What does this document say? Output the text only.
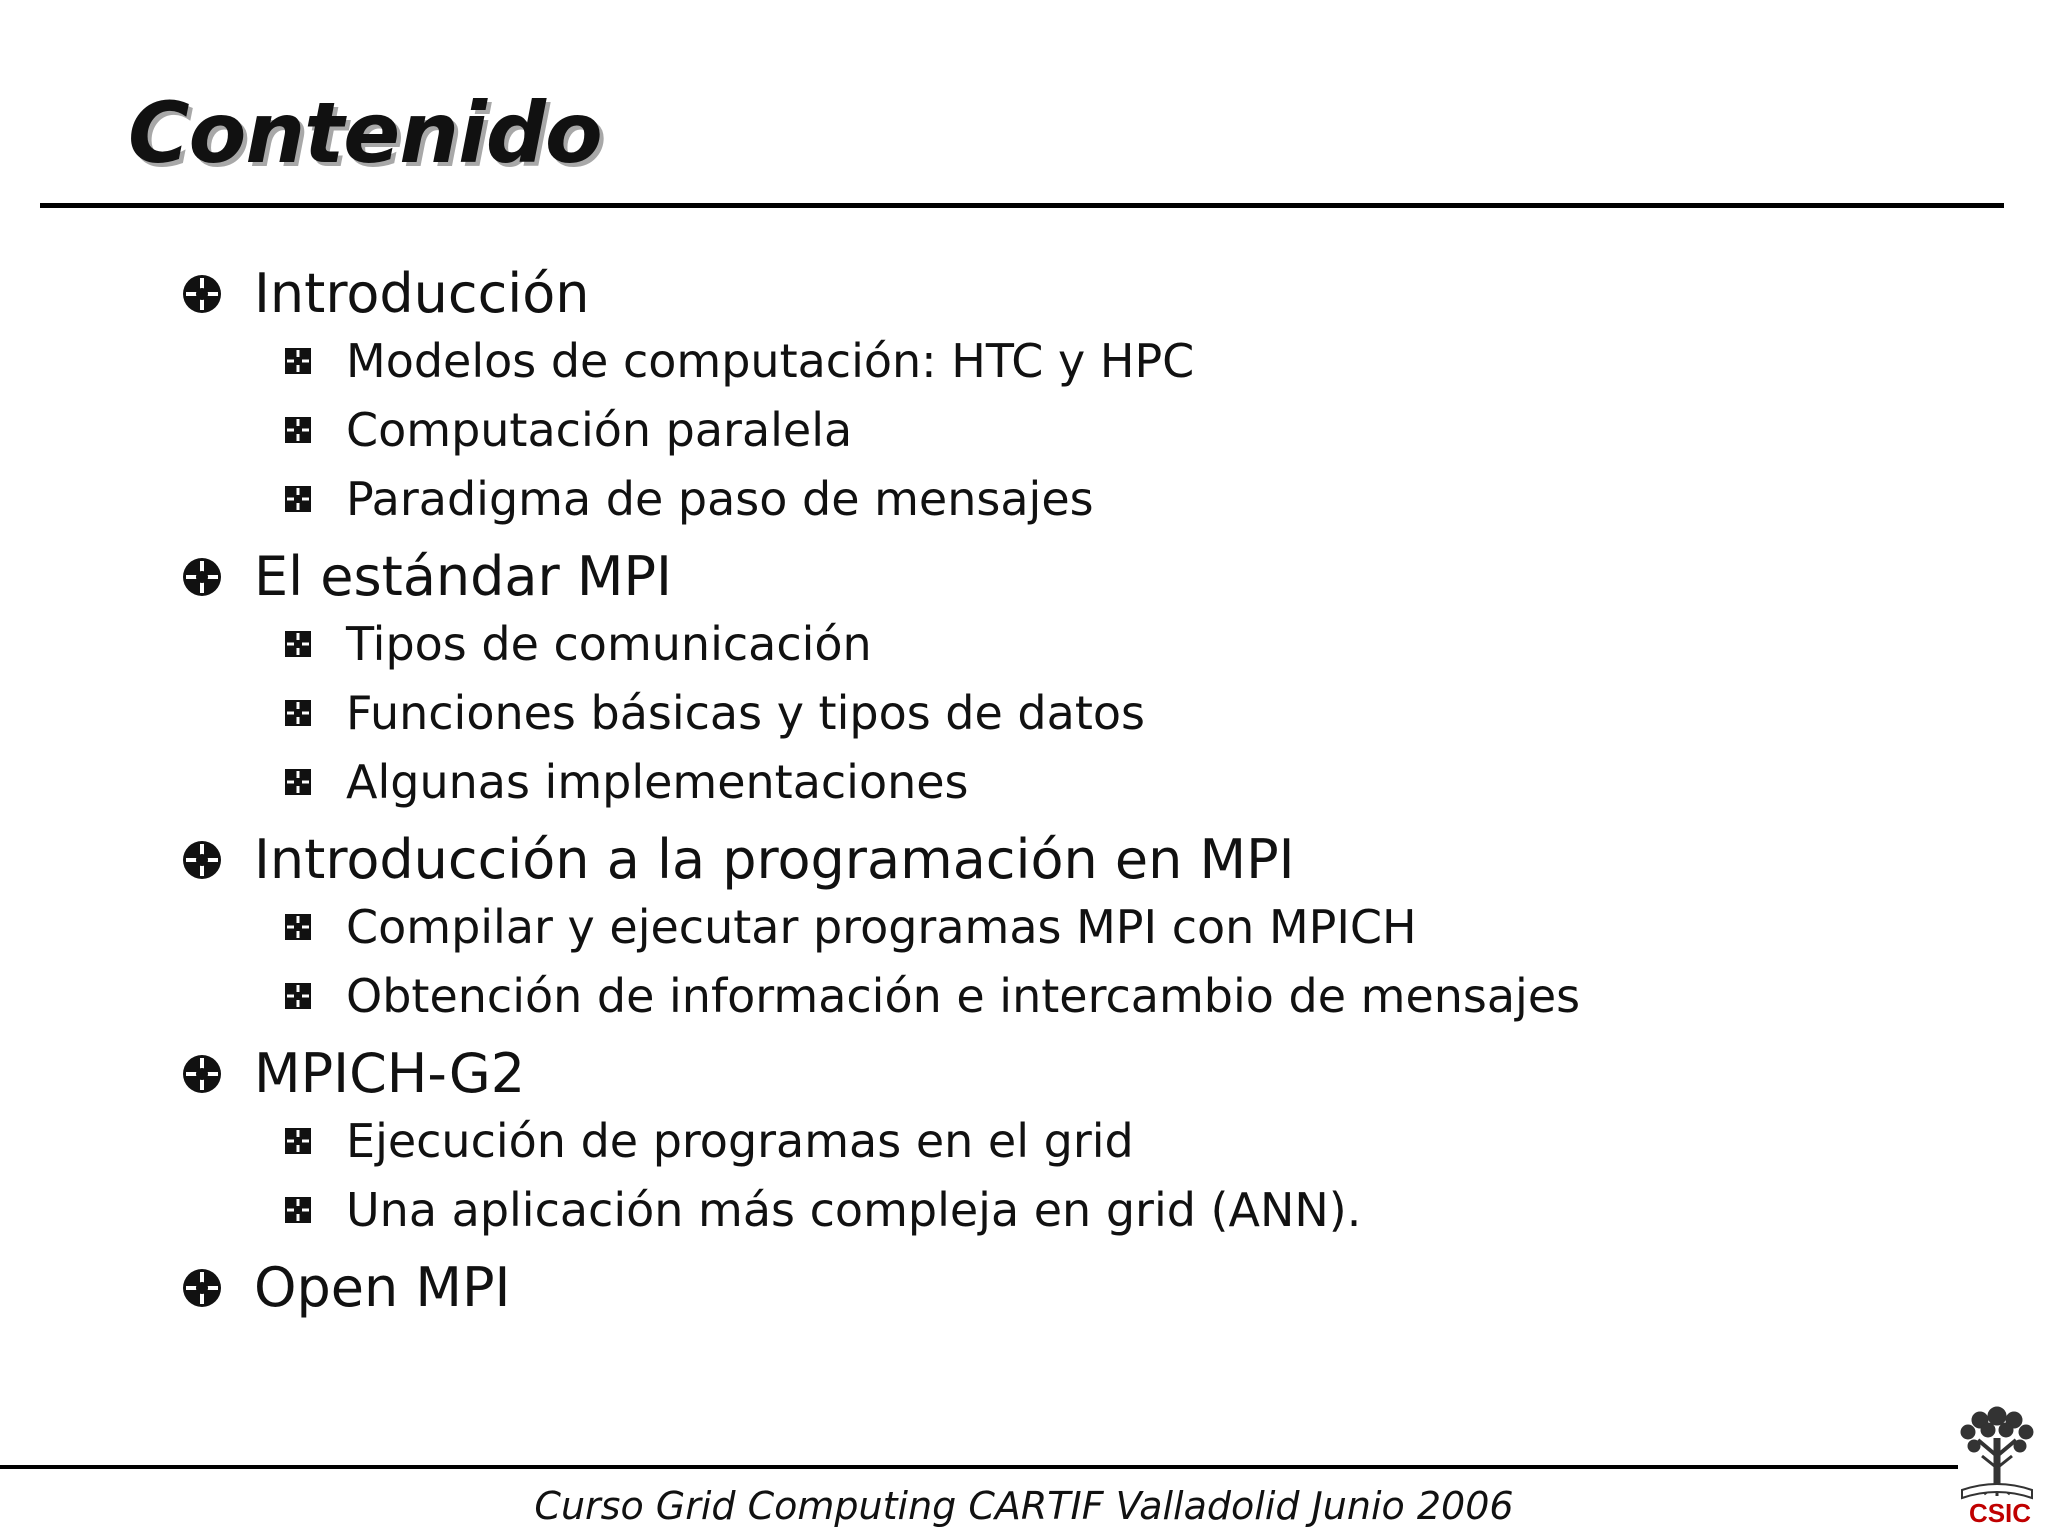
Contenido
Introducción
Modelos de computación: HTC y HPC
Computación paralela
Paradigma de paso de mensajes
El estándar MPI
Tipos de comunicación
Funciones básicas y tipos de datos
Algunas implementaciones
Introducción a la programación en MPI
Compilar y ejecutar programas MPI con MPICH
Obtención de información e intercambio de mensajes
MPICH-G2
Ejecución de programas en el grid
Una aplicación más compleja en grid (ANN).
Open MPI
Curso Grid Computing CARTIF Valladolid Junio 2006	CSIC
